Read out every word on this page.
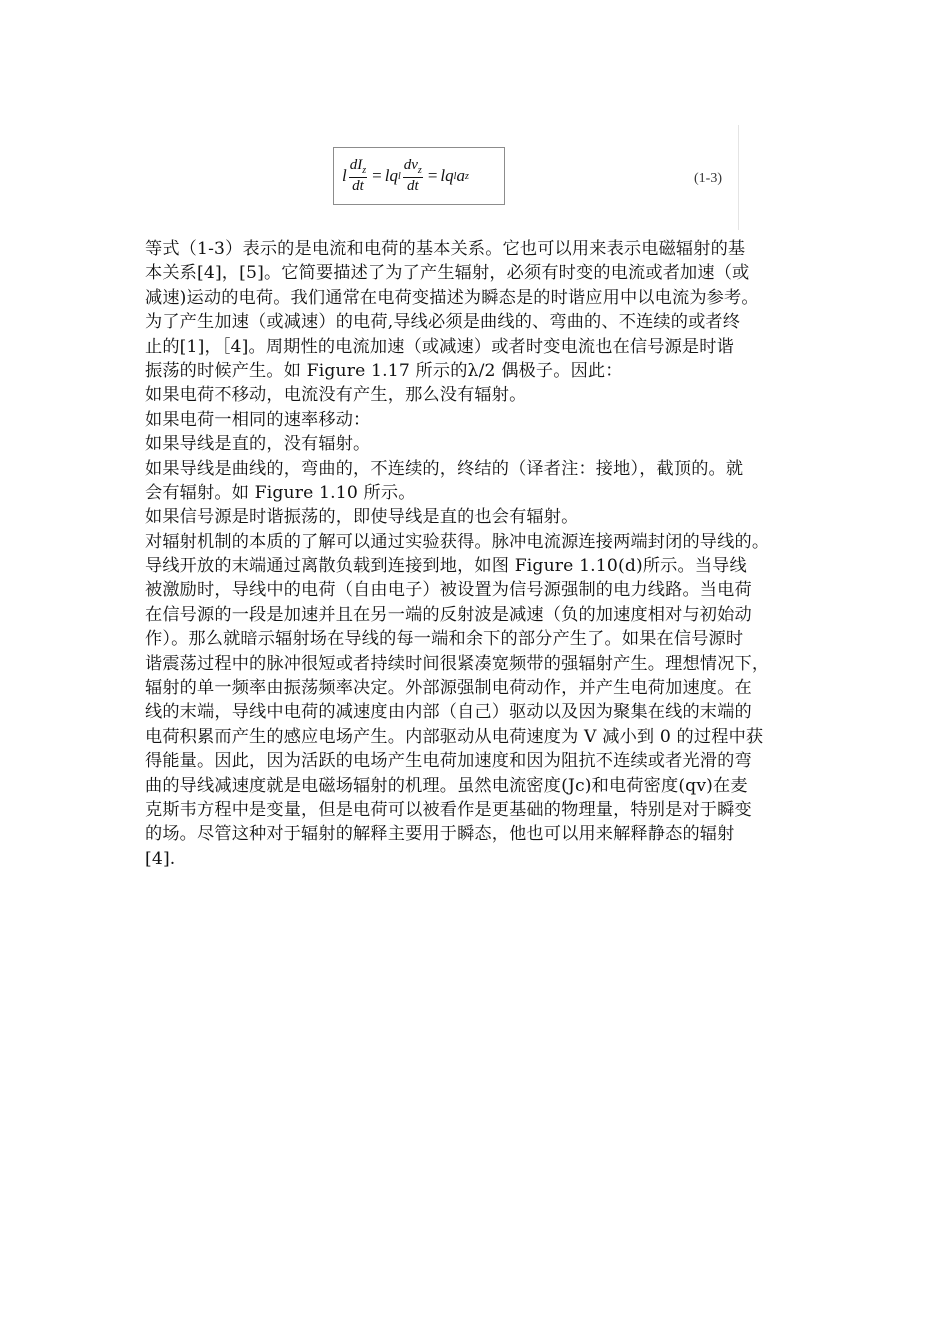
l $\frac{dI_z}{dt}$ = lq l $\frac{dv_z}{dt}$ = lq l a z	(1-3)
等式（1-3）表示的是电流和电荷的基本关系。它也可以用来表示电磁辐射的基
本关系[4]，[5]。它简要描述了为了产生辐射，必须有时变的电流或者加速（或
减速)运动的电荷。我们通常在电荷变描述为瞬态是的时谐应用中以电流为参考。
为了产生加速（或减速）的电荷,导线必须是曲线的、弯曲的、不连续的或者终
止的[1]，［4]。周期性的电流加速（或减速）或者时变电流也在信号源是时谐
振荡的时候产生。如 Figure 1.17 所示的λ/2 偶极子。因此：
如果电荷不移动，电流没有产生，那么没有辐射。
如果电荷一相同的速率移动：
如果导线是直的，没有辐射。
如果导线是曲线的，弯曲的，不连续的，终结的（译者注：接地），截顶的。就
会有辐射。如 Figure 1.10 所示。
如果信号源是时谐振荡的，即使导线是直的也会有辐射。
对辐射机制的本质的了解可以通过实验获得。脉冲电流源连接两端封闭的导线的。
导线开放的末端通过离散负载到连接到地，如图 Figure 1.10(d)所示。当导线
被激励时，导线中的电荷（自由电子）被设置为信号源强制的电力线路。当电荷
在信号源的一段是加速并且在另一端的反射波是减速（负的加速度相对与初始动
作）。那么就暗示辐射场在导线的每一端和余下的部分产生了。如果在信号源时
谐震荡过程中的脉冲很短或者持续时间很紧凑宽频带的强辐射产生。理想情况下，
辐射的单一频率由振荡频率决定。外部源强制电荷动作，并产生电荷加速度。在
线的末端，导线中电荷的减速度由内部（自己）驱动以及因为聚集在线的末端的
电荷积累而产生的感应电场产生。内部驱动从电荷速度为 V 减小到 0 的过程中获
得能量。因此，因为活跃的电场产生电荷加速度和因为阻抗不连续或者光滑的弯
曲的导线减速度就是电磁场辐射的机理。虽然电流密度(Jc)和电荷密度(qv)在麦
克斯韦方程中是变量，但是电荷可以被看作是更基础的物理量，特别是对于瞬变
的场。尽管这种对于辐射的解释主要用于瞬态，他也可以用来解释静态的辐射
[4].
